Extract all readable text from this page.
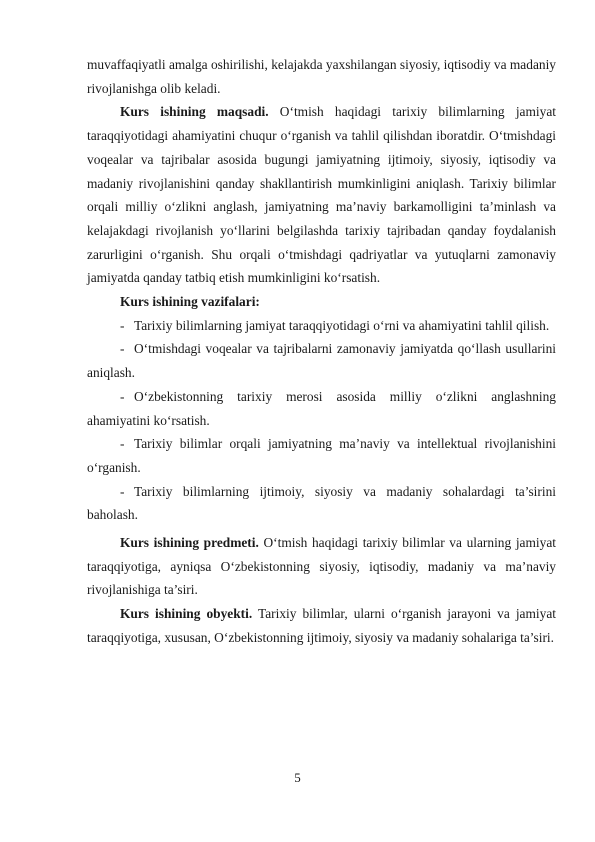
muvaffaqiyatli amalga oshirilishi, kelajakda yaxshilangan siyosiy, iqtisodiy va madaniy rivojlanishga olib keladi.

Kurs ishining maqsadi. O‘tmish haqidagi tarixiy bilimlarning jamiyat taraqqiyotidagi ahamiyatini chuqur o‘rganish va tahlil qilishdan iboratdir. O‘tmishdagi voqealar va tajribalar asosida bugungi jamiyatning ijtimoiy, siyosiy, iqtisodiy va madaniy rivojlanishini qanday shakllantirish mumkinligini aniqlash. Tarixiy bilimlar orqali milliy o‘zlikni anglash, jamiyatning ma’naviy barkamolligini ta’minlash va kelajakdagi rivojlanish yo‘llarini belgilashda tarixiy tajribadan qanday foydalanish zarurligini o‘rganish. Shu orqali o‘tmishdagi qadriyatlar va yutuqlarni zamonaviy jamiyatda qanday tatbiq etish mumkinligini ko‘rsatish.

Kurs ishining vazifalari:

- Tarixiy bilimlarning jamiyat taraqqiyotidagi o‘rni va ahamiyatini tahlil qilish.

- O‘tmishdagi voqealar va tajribalarni zamonaviy jamiyatda qo‘llash usullarini aniqlash.

- O‘zbekistonning tarixiy merosi asosida milliy o‘zlikni anglashning ahamiyatini ko‘rsatish.

- Tarixiy bilimlar orqali jamiyatning ma’naviy va intellektual rivojlanishini o‘rganish.

- Tarixiy bilimlarning ijtimoiy, siyosiy va madaniy sohalardagi ta’sirini baholash.

Kurs ishining predmeti. O‘tmish haqidagi tarixiy bilimlar va ularning jamiyat taraqqiyotiga, ayniqsa O‘zbekistonning siyosiy, iqtisodiy, madaniy va ma’naviy rivojlanishiga ta’siri.

Kurs ishining obyekti. Tarixiy bilimlar, ularni o‘rganish jarayoni va jamiyat taraqqiyotiga, xususan, O‘zbekistonning ijtimoiy, siyosiy va madaniy sohalariga ta’siri.

5
